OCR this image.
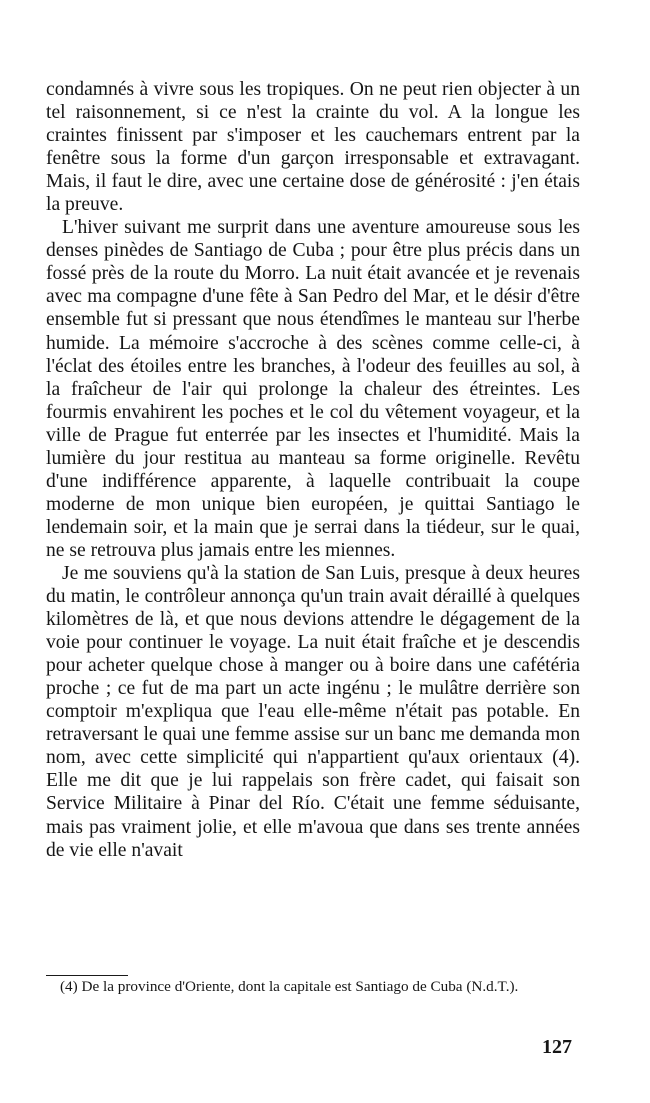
condamnés à vivre sous les tropiques. On ne peut rien objecter à un tel raisonnement, si ce n'est la crainte du vol. A la longue les craintes finissent par s'imposer et les cauchemars entrent par la fenêtre sous la forme d'un garçon irresponsable et extravagant. Mais, il faut le dire, avec une certaine dose de générosité : j'en étais la preuve.

L'hiver suivant me surprit dans une aventure amoureuse sous les denses pinèdes de Santiago de Cuba ; pour être plus précis dans un fossé près de la route du Morro. La nuit était avancée et je revenais avec ma compagne d'une fête à San Pedro del Mar, et le désir d'être ensemble fut si pressant que nous étendîmes le manteau sur l'herbe humide. La mémoire s'accroche à des scènes comme celle-ci, à l'éclat des étoiles entre les branches, à l'odeur des feuilles au sol, à la fraîcheur de l'air qui prolonge la chaleur des étreintes. Les fourmis envahirent les poches et le col du vêtement voyageur, et la ville de Prague fut enterrée par les insectes et l'humidité. Mais la lumière du jour restitua au manteau sa forme originelle. Revêtu d'une indifférence apparente, à laquelle contribuait la coupe moderne de mon unique bien européen, je quittai Santiago le lendemain soir, et la main que je serrai dans la tiédeur, sur le quai, ne se retrouva plus jamais entre les miennes.

Je me souviens qu'à la station de San Luis, presque à deux heures du matin, le contrôleur annonça qu'un train avait déraillé à quelques kilomètres de là, et que nous devions attendre le dégagement de la voie pour continuer le voyage. La nuit était fraîche et je descendis pour acheter quelque chose à manger ou à boire dans une cafétéria proche ; ce fut de ma part un acte ingénu ; le mulâtre derrière son comptoir m'expliqua que l'eau elle-même n'était pas potable. En retraversant le quai une femme assise sur un banc me demanda mon nom, avec cette simplicité qui n'appartient qu'aux orientaux (4). Elle me dit que je lui rappelais son frère cadet, qui faisait son Service Militaire à Pinar del Río. C'était une femme séduisante, mais pas vraiment jolie, et elle m'avoua que dans ses trente années de vie elle n'avait

(4) De la province d'Oriente, dont la capitale est Santiago de Cuba (N.d.T.).
127
